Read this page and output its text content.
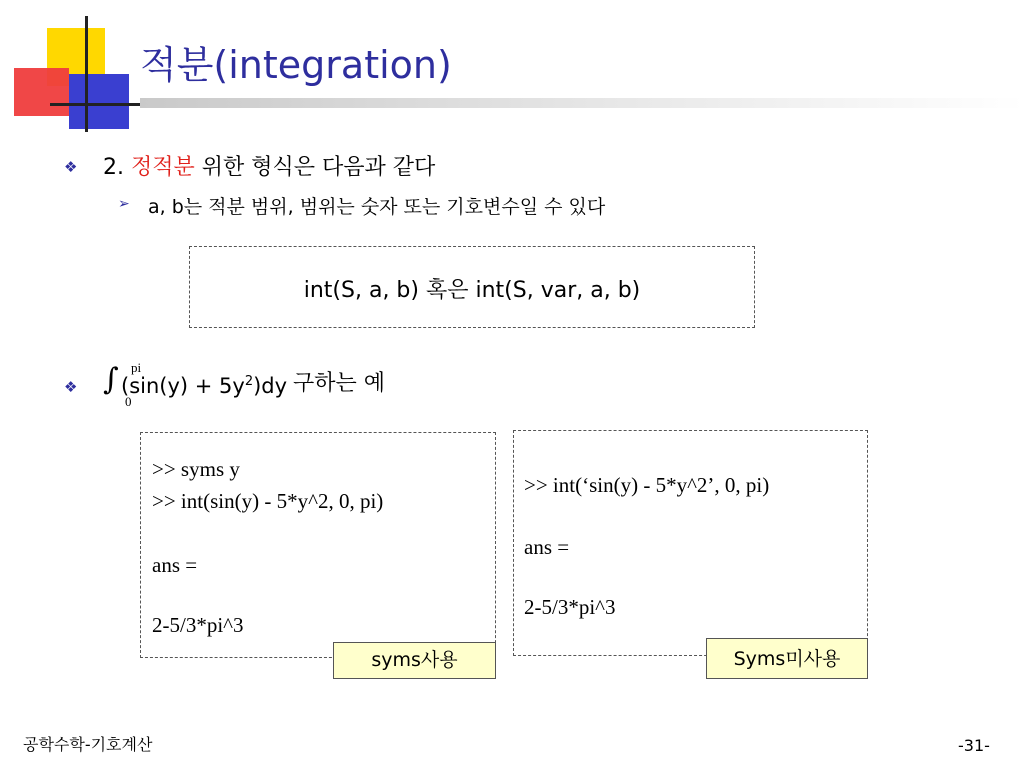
적분(integration)
❖ 2. 정적분 위한 형식은 다음과 같다
➢ a, b는 적분 범위, 범위는 숫자 또는 기호변수일 수 있다
int(S, a, b) 혹은 int(S, var, a, b)
❖ ∫ pi
0
$(\sin(y) + 5y^2)dy$ 구하는 예
>> syms y
>> int(sin(y) - 5*y^2, 0, pi)
ans =
2-5/3*pi^3
syms사용
>> int(‘sin(y) - 5*y^2’, 0, pi)
ans =
2-5/3*pi^3
Syms미사용
공학수학-기호계산	-31-
